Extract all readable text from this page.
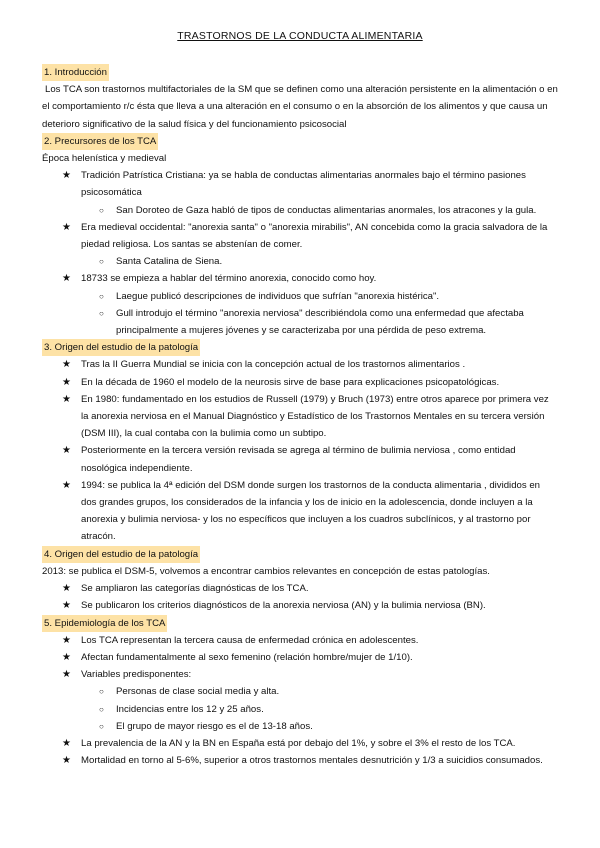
TRASTORNOS DE LA CONDUCTA ALIMENTARIA
1. Introducción

Los TCA son trastornos multifactoriales de la SM que se definen como una alteración persistente en la alimentación o en el comportamiento r/c ésta que lleva a una alteración en el consumo o en la absorción de los alimentos y que causa un deterioro significativo de la salud física y del funcionamiento psicosocial

2. Precursores de los TCA

Época helenística y medieval

★ Tradición Patrística Cristiana: ya se habla de conductas alimentarias anormales bajo el término pasiones psicosomática
○ San Doroteo de Gaza habló de tipos de conductas alimentarias anormales, los atracones y la gula.
★ Era medieval occidental: "anorexia santa" o "anorexia mirabilis", AN concebida como la gracia salvadora de la piedad religiosa. Los santas se abstenían de comer.
○ Santa Catalina de Siena.
★ 18733 se empieza a hablar del término anorexia, conocido como hoy.
○ Laegue publicó descripciones de individuos que sufrían "anorexia histérica".
○ Gull introdujo el término "anorexia nerviosa" describiéndola como una enfermedad que afectaba principalmente a mujeres jóvenes y se caracterizaba por una pérdida de peso extrema.
3. Origen del estudio de la patología
★ Tras la II Guerra Mundial se inicia con la concepción actual de los trastornos alimentarios .
★ En la década de 1960 el modelo de la neurosis sirve de base para explicaciones psicopatológicas.
★ En 1980: fundamentado en los estudios de Russell (1979) y Bruch (1973) entre otros aparece por primera vez la anorexia nerviosa en el Manual Diagnóstico y Estadístico de los Trastornos Mentales en su tercera versión (DSM III), la cual contaba con la bulimia como un subtipo.
★ Posteriormente en la tercera versión revisada se agrega al término de bulimia nerviosa , como entidad nosológica independiente.
★ 1994: se publica la 4ª edición del DSM donde surgen los trastornos de la conducta alimentaria , divididos en dos grandes grupos, los considerados de la infancia y los de inicio en la adolescencia, donde incluyen a la anorexia y bulimia nerviosa- y los no específicos que incluyen a los cuadros subclínicos, y al trastorno por atracón.
4. Origen del estudio de la patología

2013: se publica el DSM-5, volvemos a encontrar cambios relevantes en concepción de estas patologías.

★ Se ampliaron las categorías diagnósticas de los TCA.
★ Se publicaron los criterios diagnósticos de la anorexia nerviosa (AN) y la bulimia nerviosa (BN).
5. Epidemiología de los TCA
★ Los TCA representan la tercera causa de enfermedad crónica en adolescentes.
★ Afectan fundamentalmente al sexo femenino (relación hombre/mujer de 1/10).
★ Variables predisponentes:
○ Personas de clase social media y alta.
○ Incidencias entre los 12 y 25 años.
○ El grupo de mayor riesgo es el de 13-18 años.
★ La prevalencia de la AN y la BN en España está por debajo del 1%, y sobre el 3% el resto de los TCA.
★ Mortalidad en torno al 5-6%, superior a otros trastornos mentales desnutrición y 1/3 a suicidios consumados.
